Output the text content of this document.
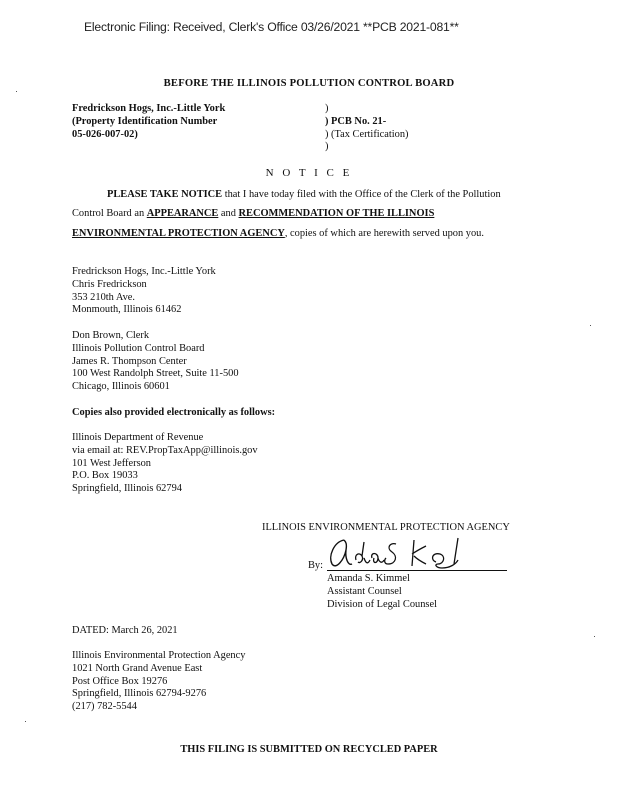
Electronic Filing: Received, Clerk's Office 03/26/2021 **PCB 2021-081**
BEFORE THE ILLINOIS POLLUTION CONTROL BOARD
Fredrickson Hogs, Inc.-Little York
(Property Identification Number
05-026-007-02)
)
) PCB No. 21-
) (Tax Certification)
)
N O T I C E
PLEASE TAKE NOTICE that I have today filed with the Office of the Clerk of the Pollution
Control Board an APPEARANCE and RECOMMENDATION OF THE ILLINOIS
ENVIRONMENTAL PROTECTION AGENCY, copies of which are herewith served upon you.
Fredrickson Hogs, Inc.-Little York
Chris Fredrickson
353 210th Ave.
Monmouth, Illinois 61462
Don Brown, Clerk
Illinois Pollution Control Board
James R. Thompson Center
100 West Randolph Street, Suite 11-500
Chicago, Illinois 60601
Copies also provided electronically as follows:
Illinois Department of Revenue
via email at: REV.PropTaxApp@illinois.gov
101 West Jefferson
P.O. Box 19033
Springfield, Illinois 62794
ILLINOIS ENVIRONMENTAL PROTECTION AGENCY
By:
Amanda S. Kimmel
Assistant Counsel
Division of Legal Counsel
DATED: March 26, 2021
Illinois Environmental Protection Agency
1021 North Grand Avenue East
Post Office Box 19276
Springfield, Illinois 62794-9276
(217) 782-5544
THIS FILING IS SUBMITTED ON RECYCLED PAPER
